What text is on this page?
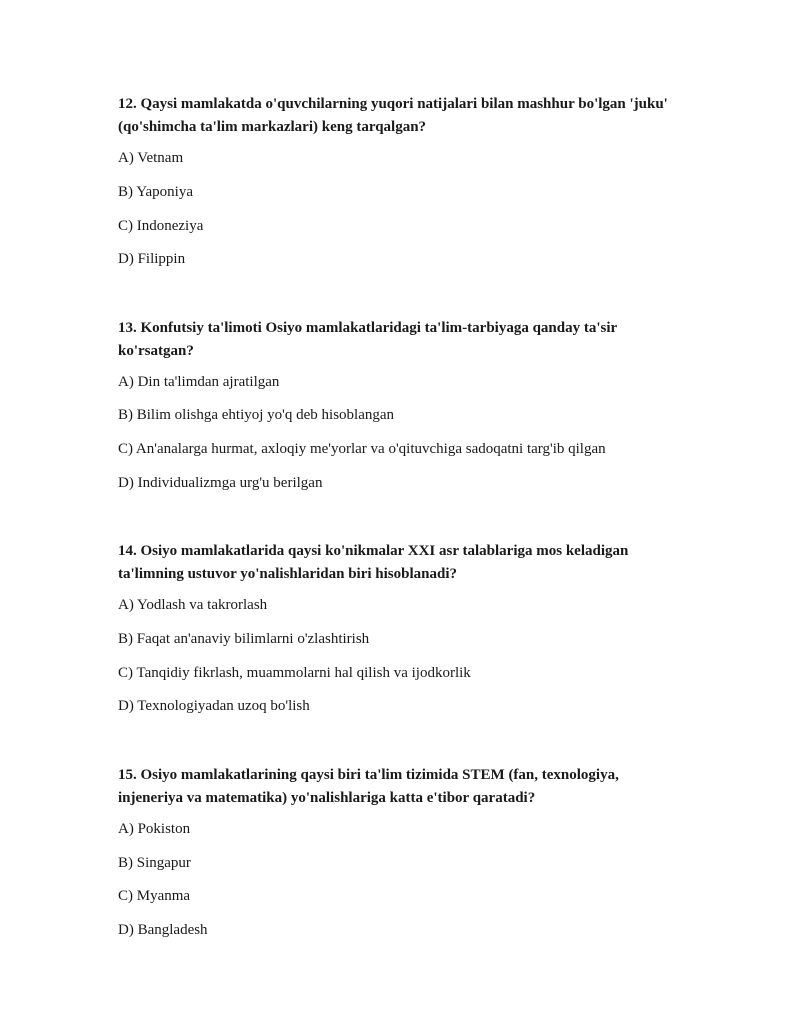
12. Qaysi mamlakatda o'quvchilarning yuqori natijalari bilan mashhur bo'lgan 'juku' (qo'shimcha ta'lim markazlari) keng tarqalgan?

A) Vetnam

B) Yaponiya

C) Indoneziya

D) Filippin

13. Konfutsiy ta'limoti Osiyo mamlakatlaridagi ta'lim-tarbiyaga qanday ta'sir ko'rsatgan?

A) Din ta'limdan ajratilgan

B) Bilim olishga ehtiyoj yo'q deb hisoblangan

C) An'analarga hurmat, axloqiy me'yorlar va o'qituvchiga sadoqatni targ'ib qilgan

D) Individualizmga urg'u berilgan

14. Osiyo mamlakatlarida qaysi ko'nikmalar XXI asr talablariga mos keladigan ta'limning ustuvor yo'nalishlaridan biri hisoblanadi?

A) Yodlash va takrorlash

B) Faqat an'anaviy bilimlarni o'zlashtirish

C) Tanqidiy fikrlash, muammolarni hal qilish va ijodkorlik

D) Texnologiyadan uzoq bo'lish

15. Osiyo mamlakatlarining qaysi biri ta'lim tizimida STEM (fan, texnologiya, injeneriya va matematika) yo'nalishlariga katta e'tibor qaratadi?

A) Pokiston

B) Singapur

C) Myanma

D) Bangladesh
